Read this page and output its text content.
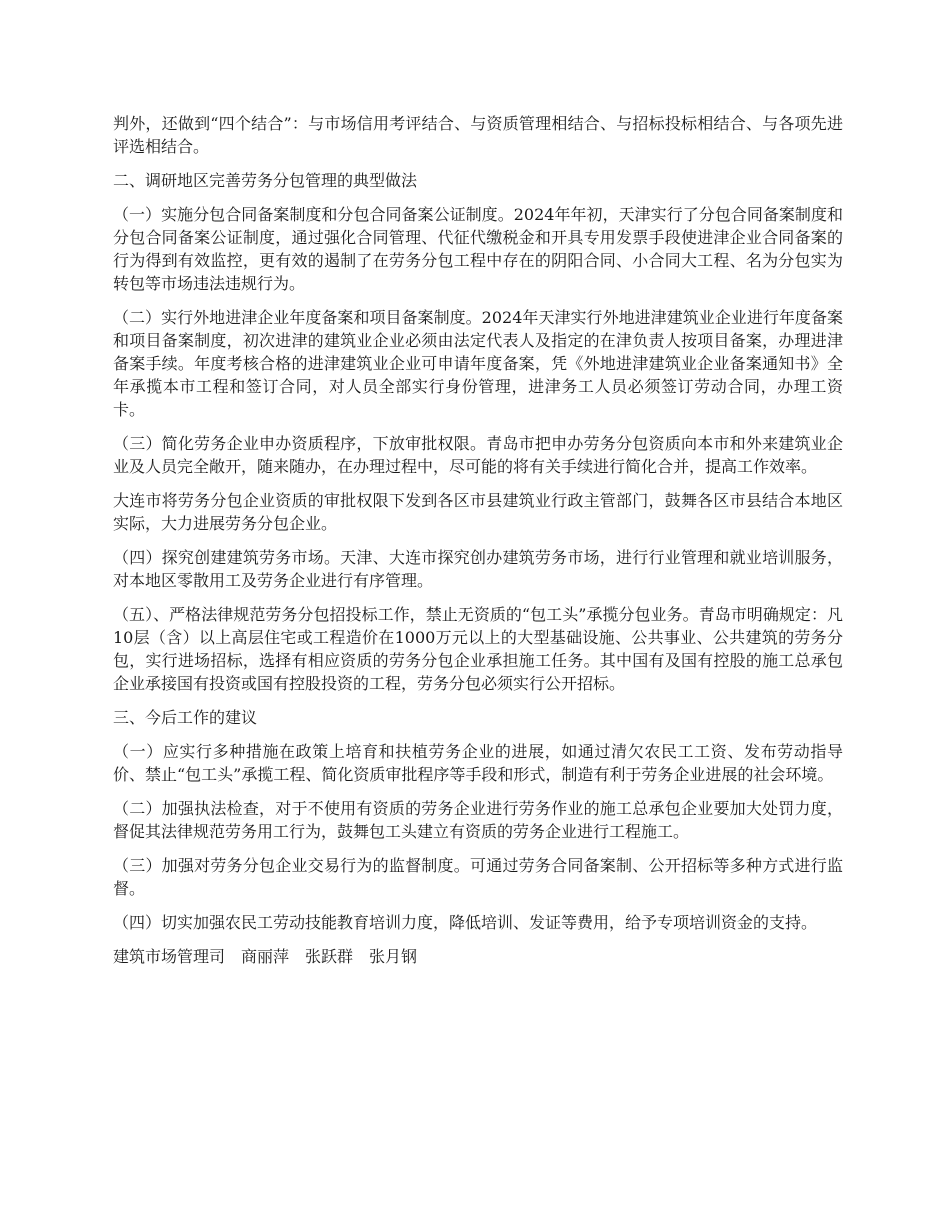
判外，还做到“四个结合”：与市场信用考评结合、与资质管理相结合、与招标投标相结合、与各项先进评选相结合。

二、调研地区完善劳务分包管理的典型做法

（一）实施分包合同备案制度和分包合同备案公证制度。2024年年初，天津实行了分包合同备案制度和分包合同备案公证制度，通过强化合同管理、代征代缴税金和开具专用发票手段使进津企业合同备案的行为得到有效监控，更有效的遏制了在劳务分包工程中存在的阴阳合同、小合同大工程、名为分包实为转包等市场违法违规行为。

（二）实行外地进津企业年度备案和项目备案制度。2024年天津实行外地进津建筑业企业进行年度备案和项目备案制度，初次进津的建筑业企业必须由法定代表人及指定的在津负责人按项目备案，办理进津备案手续。年度考核合格的进津建筑业企业可申请年度备案，凭《外地进津建筑业企业备案通知书》全年承揽本市工程和签订合同，对人员全部实行身份管理，进津务工人员必须签订劳动合同，办理工资卡。

（三）简化劳务企业申办资质程序，下放审批权限。青岛市把申办劳务分包资质向本市和外来建筑业企业及人员完全敞开，随来随办，在办理过程中，尽可能的将有关手续进行简化合并，提高工作效率。

大连市将劳务分包企业资质的审批权限下发到各区市县建筑业行政主管部门，鼓舞各区市县结合本地区实际，大力进展劳务分包企业。

（四）探究创建建筑劳务市场。天津、大连市探究创办建筑劳务市场，进行行业管理和就业培训服务，对本地区零散用工及劳务企业进行有序管理。

（五）、严格法律规范劳务分包招投标工作，禁止无资质的“包工头”承揽分包业务。青岛市明确规定：凡10层（含）以上高层住宅或工程造价在1000万元以上的大型基础设施、公共事业、公共建筑的劳务分包，实行进场招标，选择有相应资质的劳务分包企业承担施工任务。其中国有及国有控股的施工总承包企业承接国有投资或国有控股投资的工程，劳务分包必须实行公开招标。

三、今后工作的建议

（一）应实行多种措施在政策上培育和扶植劳务企业的进展，如通过清欠农民工工资、发布劳动指导价、禁止“包工头”承揽工程、简化资质审批程序等手段和形式，制造有利于劳务企业进展的社会环境。

（二）加强执法检查，对于不使用有资质的劳务企业进行劳务作业的施工总承包企业要加大处罚力度，督促其法律规范劳务用工行为，鼓舞包工头建立有资质的劳务企业进行工程施工。

（三）加强对劳务分包企业交易行为的监督制度。可通过劳务合同备案制、公开招标等多种方式进行监督。

（四）切实加强农民工劳动技能教育培训力度，降低培训、发证等费用，给予专项培训资金的支持。

建筑市场管理司　商丽萍　张跃群　张月钢
